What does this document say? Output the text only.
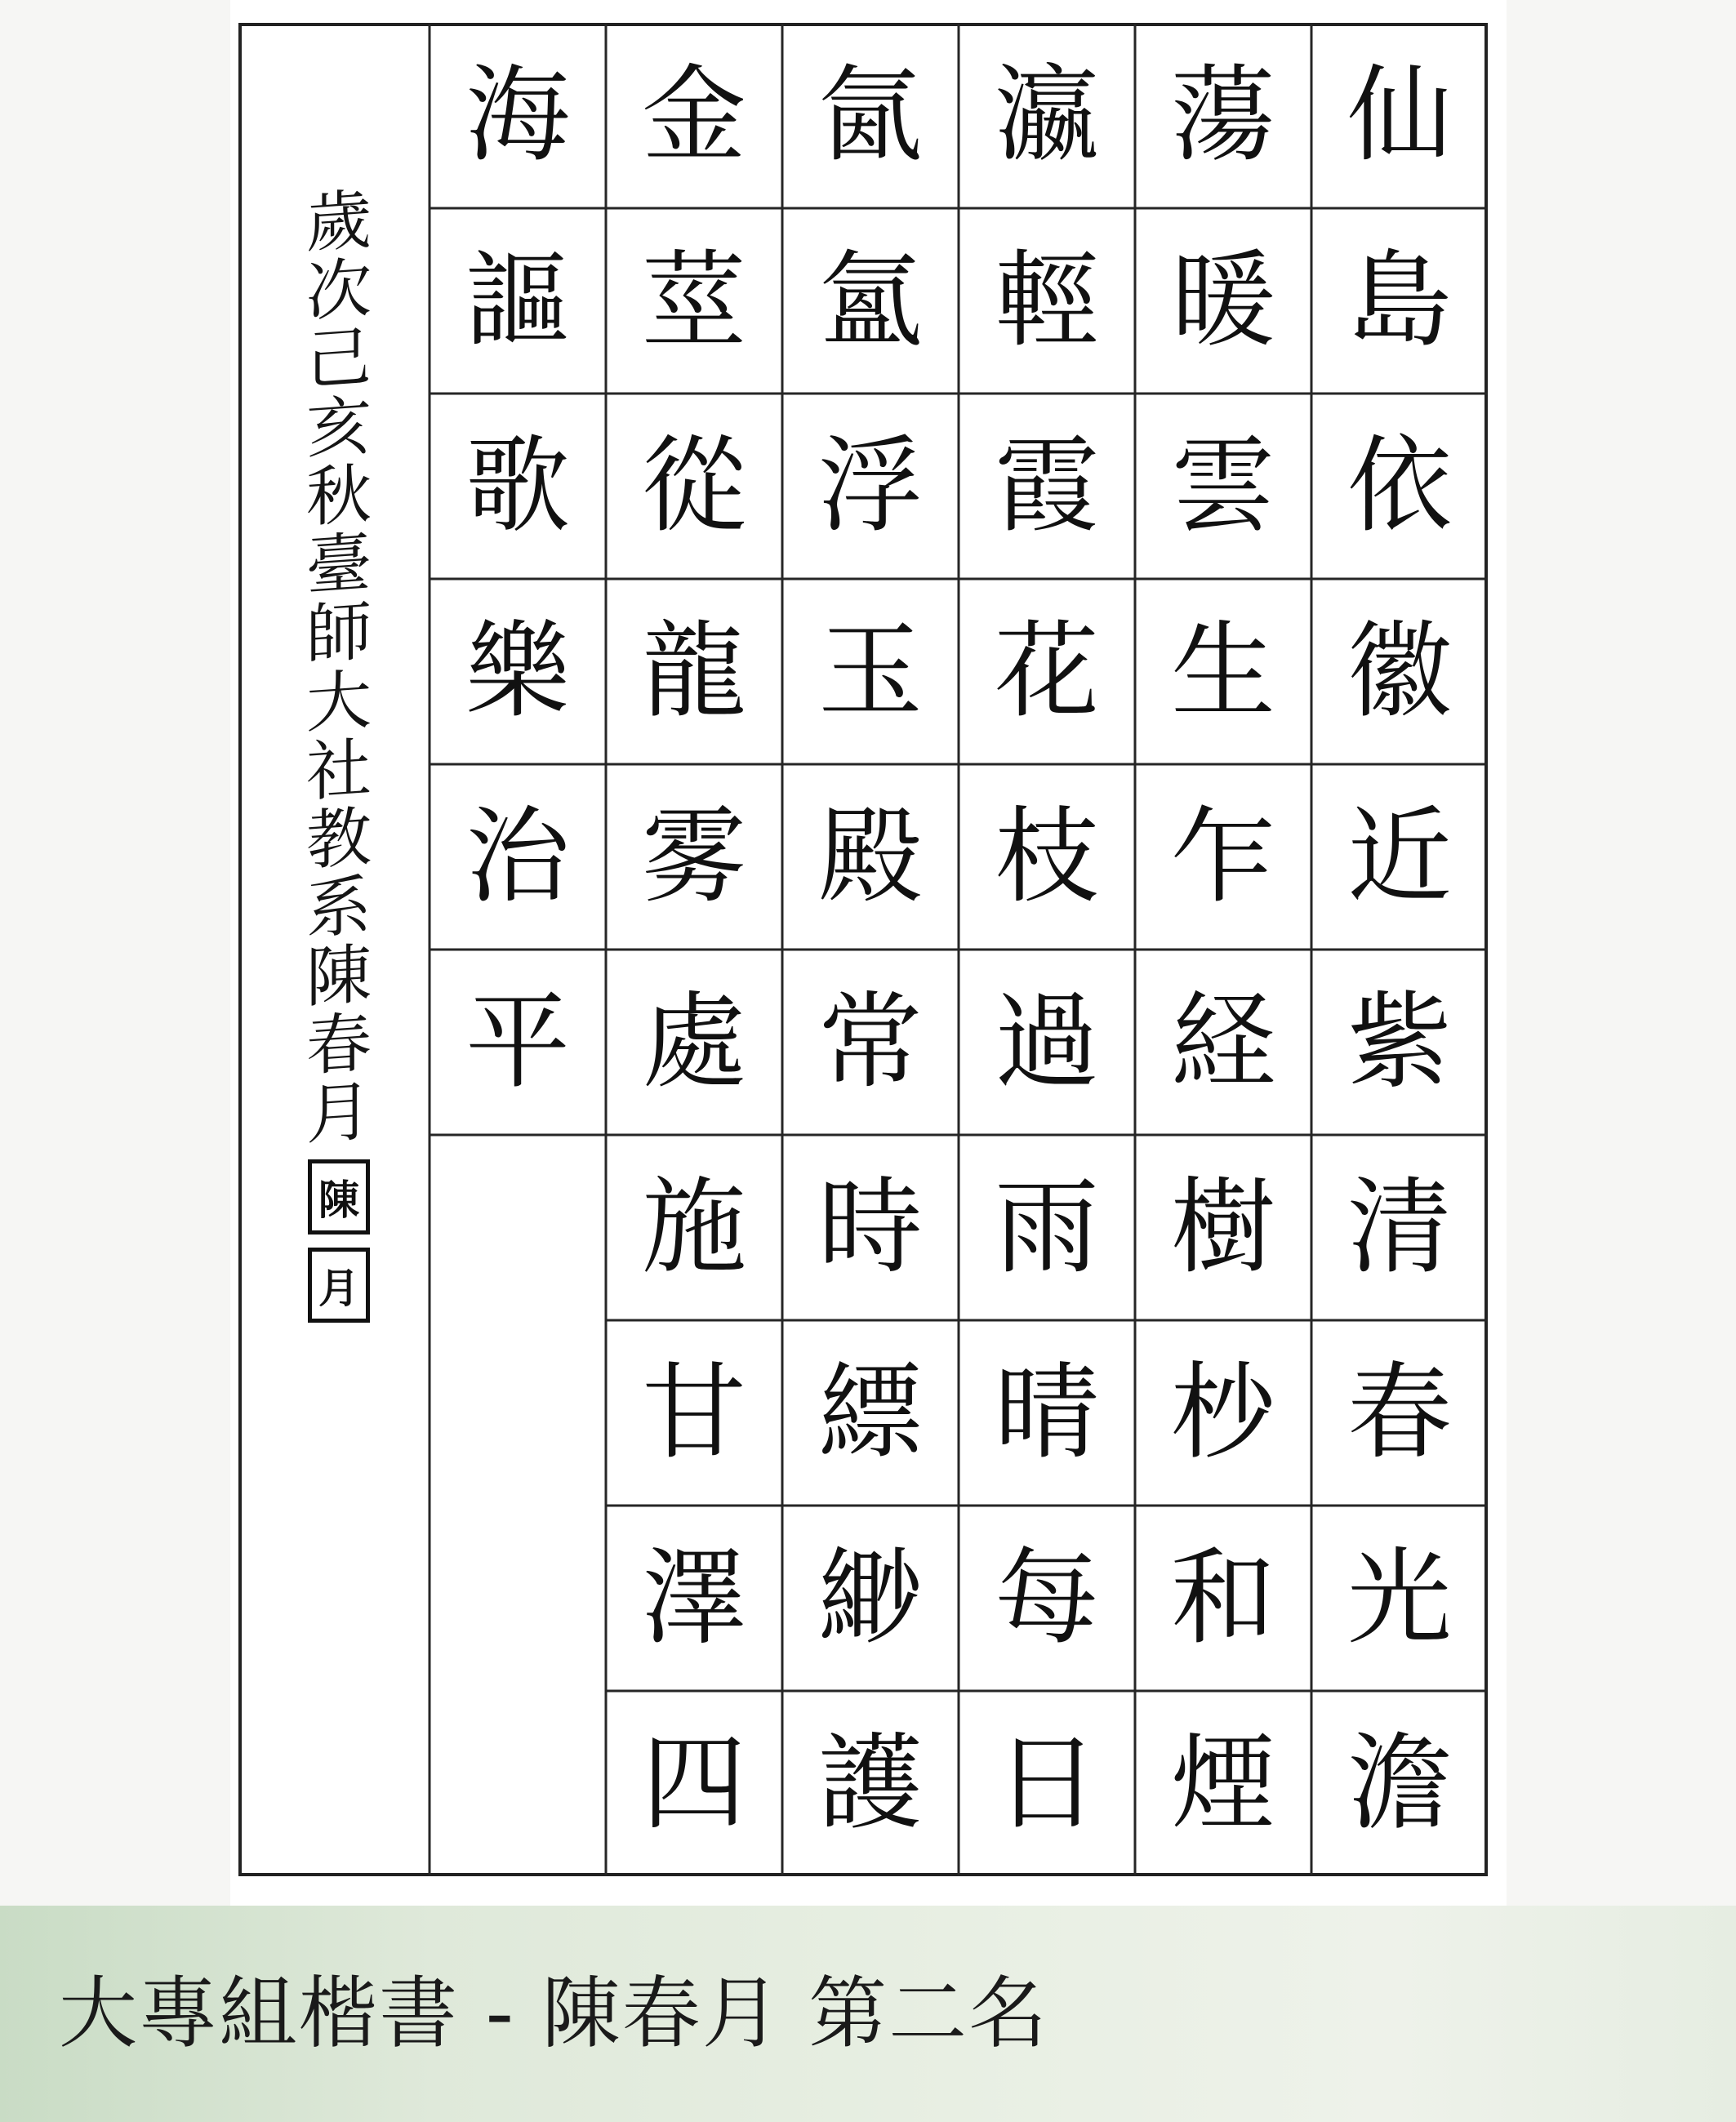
仙
島
依
徽
近
紫
清
春
光
澹
蕩
暖
雲
生
乍
経
樹
杪
和
煙
瀛
輕
霞
花
枝
過
雨
晴
每
日
氤
氳
浮
玉
殿
常
時
縹
緲
護
金
莖
從
龍
雾
處
施
甘
澤
四
海
謳
歌
樂
治
平
歲
次
己
亥
秋
臺
師
大
社
教
系
陳
春
月
陳
月
大專組楷書 - 陳春月 第二名
